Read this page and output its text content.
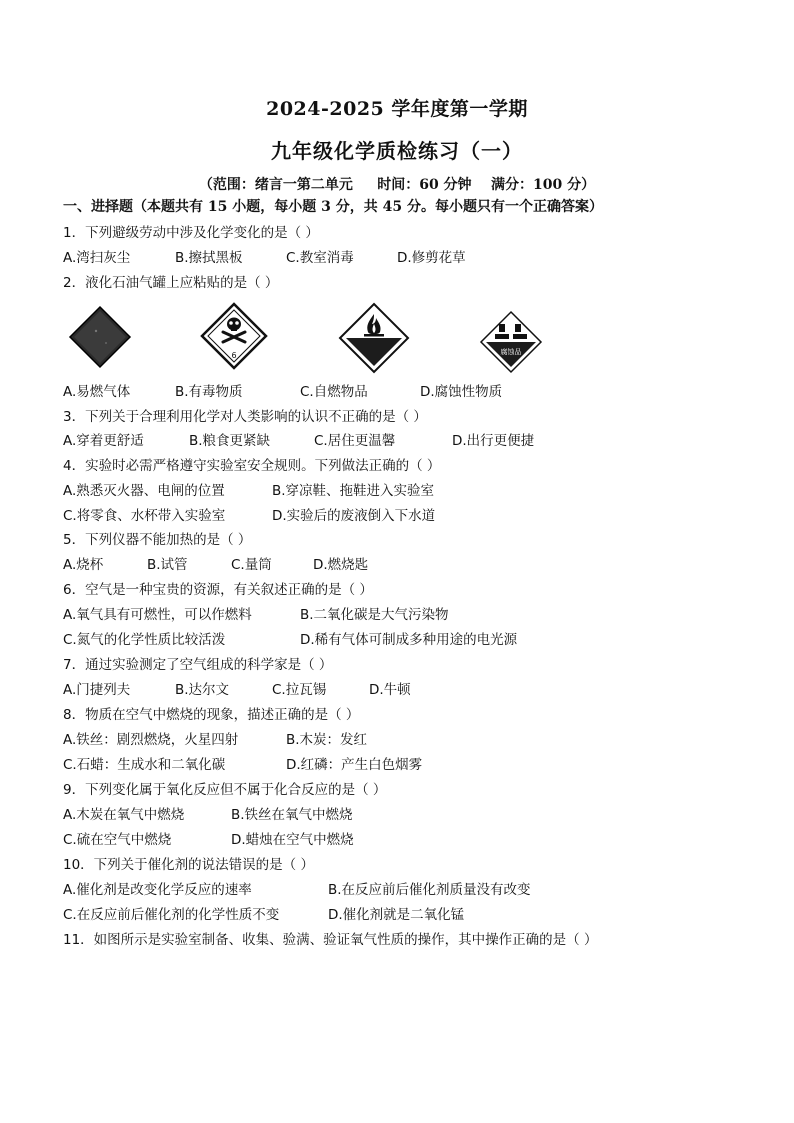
2024-2025 学年度第一学期
九年级化学质检练习（一）
（范围：绪言一第二单元     时间：60 分钟    满分：100 分）
一、进择题（本题共有 15 小题，每小题 3 分，共 45 分。每小题只有一个正确答案）
1．下列避级劳动中涉及化学变化的是（ ）
A.湾扫灰尘	B.擦拭黑板	C.教室消毒	D.修剪花草
2．液化石油气罐上应粘贴的是（ ）
6	腐蚀品
A.易燃气体	B.有毒物质	C.自燃物品	D.腐蚀性物质
3．下列关于合理利用化学对人类影响的认识不正确的是（ ）
A.穿着更舒适	B.粮食更紧缺	C.居住更温馨	D.出行更便捷
4．实验时必需严格遵守实验室安全规则。下列做法正确的（ ）
A.熟悉灭火器、电闸的位置	B.穿凉鞋、拖鞋进入实验室
C.将零食、水杯带入实验室	D.实验后的废液倒入下水道
5．下列仪器不能加热的是（ ）
A.烧杯	B.试管	C.量筒	D.燃烧匙
6．空气是一种宝贵的资源，有关叙述正确的是（ ）
A.氧气具有可燃性，可以作燃料	B.二氧化碳是大气污染物
C.氮气的化学性质比较活泼	D.稀有气体可制成多种用途的电光源
7．通过实验测定了空气组成的科学家是（ ）
A.门捷列夫	B.达尔文	C.拉瓦锡	D.牛顿
8．物质在空气中燃烧的现象，描述正确的是（ ）
A.铁丝：剧烈燃烧，火星四射	B.木炭：发红
C.石蜡：生成水和二氧化碳	D.红磷：产生白色烟雾
9．下列变化属于氧化反应但不属于化合反应的是（ ）
A.木炭在氧气中燃烧	B.铁丝在氧气中燃烧
C.硫在空气中燃烧	D.蜡烛在空气中燃烧
10．下列关于催化剂的说法错误的是（ ）
A.催化剂是改变化学反应的速率	B.在反应前后催化剂质量没有改变
C.在反应前后催化剂的化学性质不变	D.催化剂就是二氧化锰
11．如图所示是实验室制备、收集、验满、验证氧气性质的操作，其中操作正确的是（ ）
